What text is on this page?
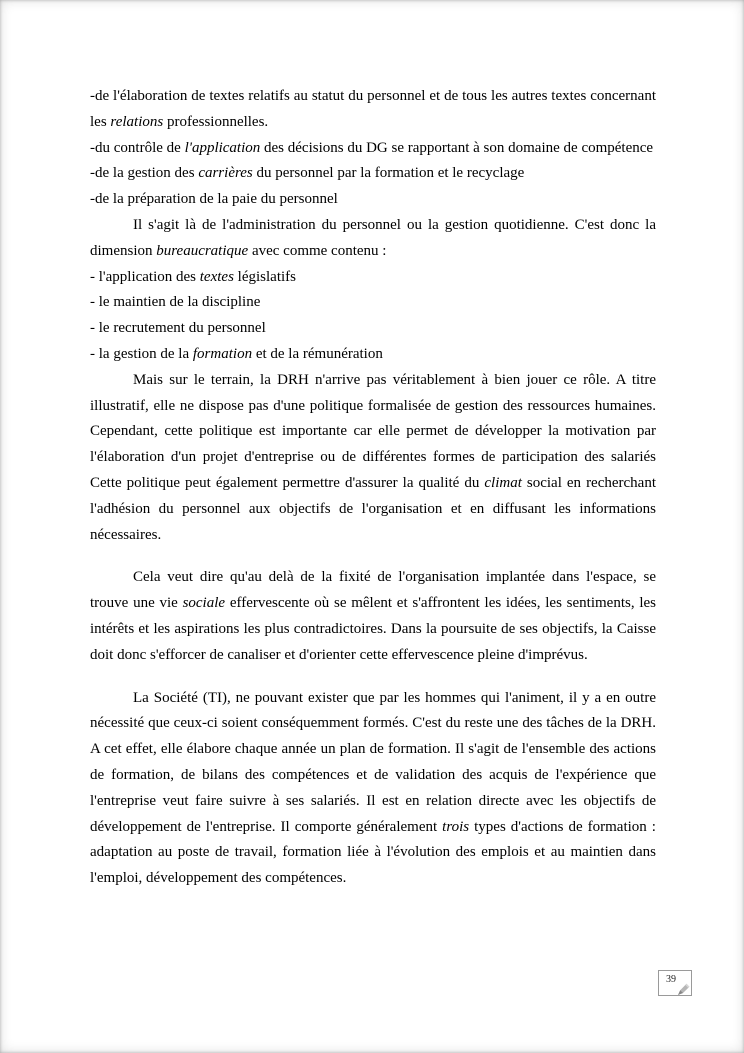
-de l'élaboration de textes relatifs au statut du personnel et de tous les autres textes concernant les relations professionnelles.

-du contrôle de l'application des décisions du DG se rapportant à son domaine de compétence

-de la gestion des carrières du personnel par la formation et le recyclage

-de la préparation de la paie du personnel

Il s'agit là de l'administration du personnel ou la gestion quotidienne. C'est donc la dimension bureaucratique avec comme contenu :

- l'application des textes législatifs

- le maintien de la discipline

- le recrutement du personnel

- la gestion de la formation et de la rémunération

Mais sur le terrain, la DRH n'arrive pas véritablement à bien jouer ce rôle. A titre illustratif, elle ne dispose pas d'une politique formalisée de gestion des ressources humaines. Cependant, cette politique est importante car elle permet de développer la motivation par l'élaboration d'un projet d'entreprise ou de différentes formes de participation des salariés Cette politique peut également permettre d'assurer la qualité du climat social en recherchant l'adhésion du personnel aux objectifs de l'organisation et en diffusant les informations nécessaires.

Cela veut dire qu'au delà de la fixité de l'organisation implantée dans l'espace, se trouve une vie sociale effervescente où se mêlent et s'affrontent les idées, les sentiments, les intérêts et les aspirations les plus contradictoires. Dans la poursuite de ses objectifs, la Caisse doit donc s'efforcer de canaliser et d'orienter cette effervescence pleine d'imprévus.

La Société (TI), ne pouvant exister que par les hommes qui l'animent, il y a en outre nécessité que ceux-ci soient conséquemment formés. C'est du reste une des tâches de la DRH. A cet effet, elle élabore chaque année un plan de formation. Il s'agit de l'ensemble des actions de formation, de bilans des compétences et de validation des acquis de l'expérience que l'entreprise veut faire suivre à ses salariés. Il est en relation directe avec les objectifs de développement de l'entreprise. Il comporte généralement trois types d'actions de formation : adaptation au poste de travail, formation liée à l'évolution des emplois et au maintien dans l'emploi, développement des compétences.

39
